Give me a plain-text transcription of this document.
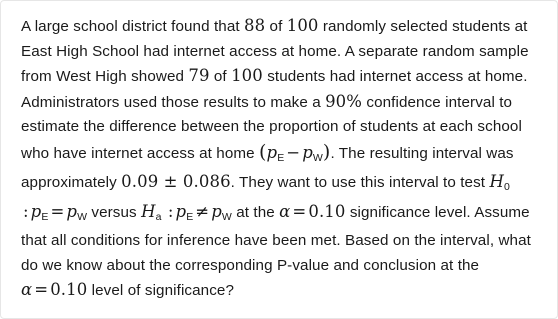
A large school district found that 88 of 100 randomly selected students at East High School had internet access at home. A separate random sample from West High showed 79 of 100 students had internet access at home. Administrators used those results to make a 90% confidence interval to estimate the difference between the proportion of students at each school who have internet access at home $(p_E - p_W)$. The resulting interval was approximately 0.09 ± 0.086. They want to use this interval to test $H_0$ : $p_E = p_W$ versus $H_a$ : $p_E \ne p_W$ at the α = 0.10 significance level. Assume that all conditions for inference have been met. Based on the interval, what do we know about the corresponding P-value and conclusion at the α = 0.10 level of significance?
